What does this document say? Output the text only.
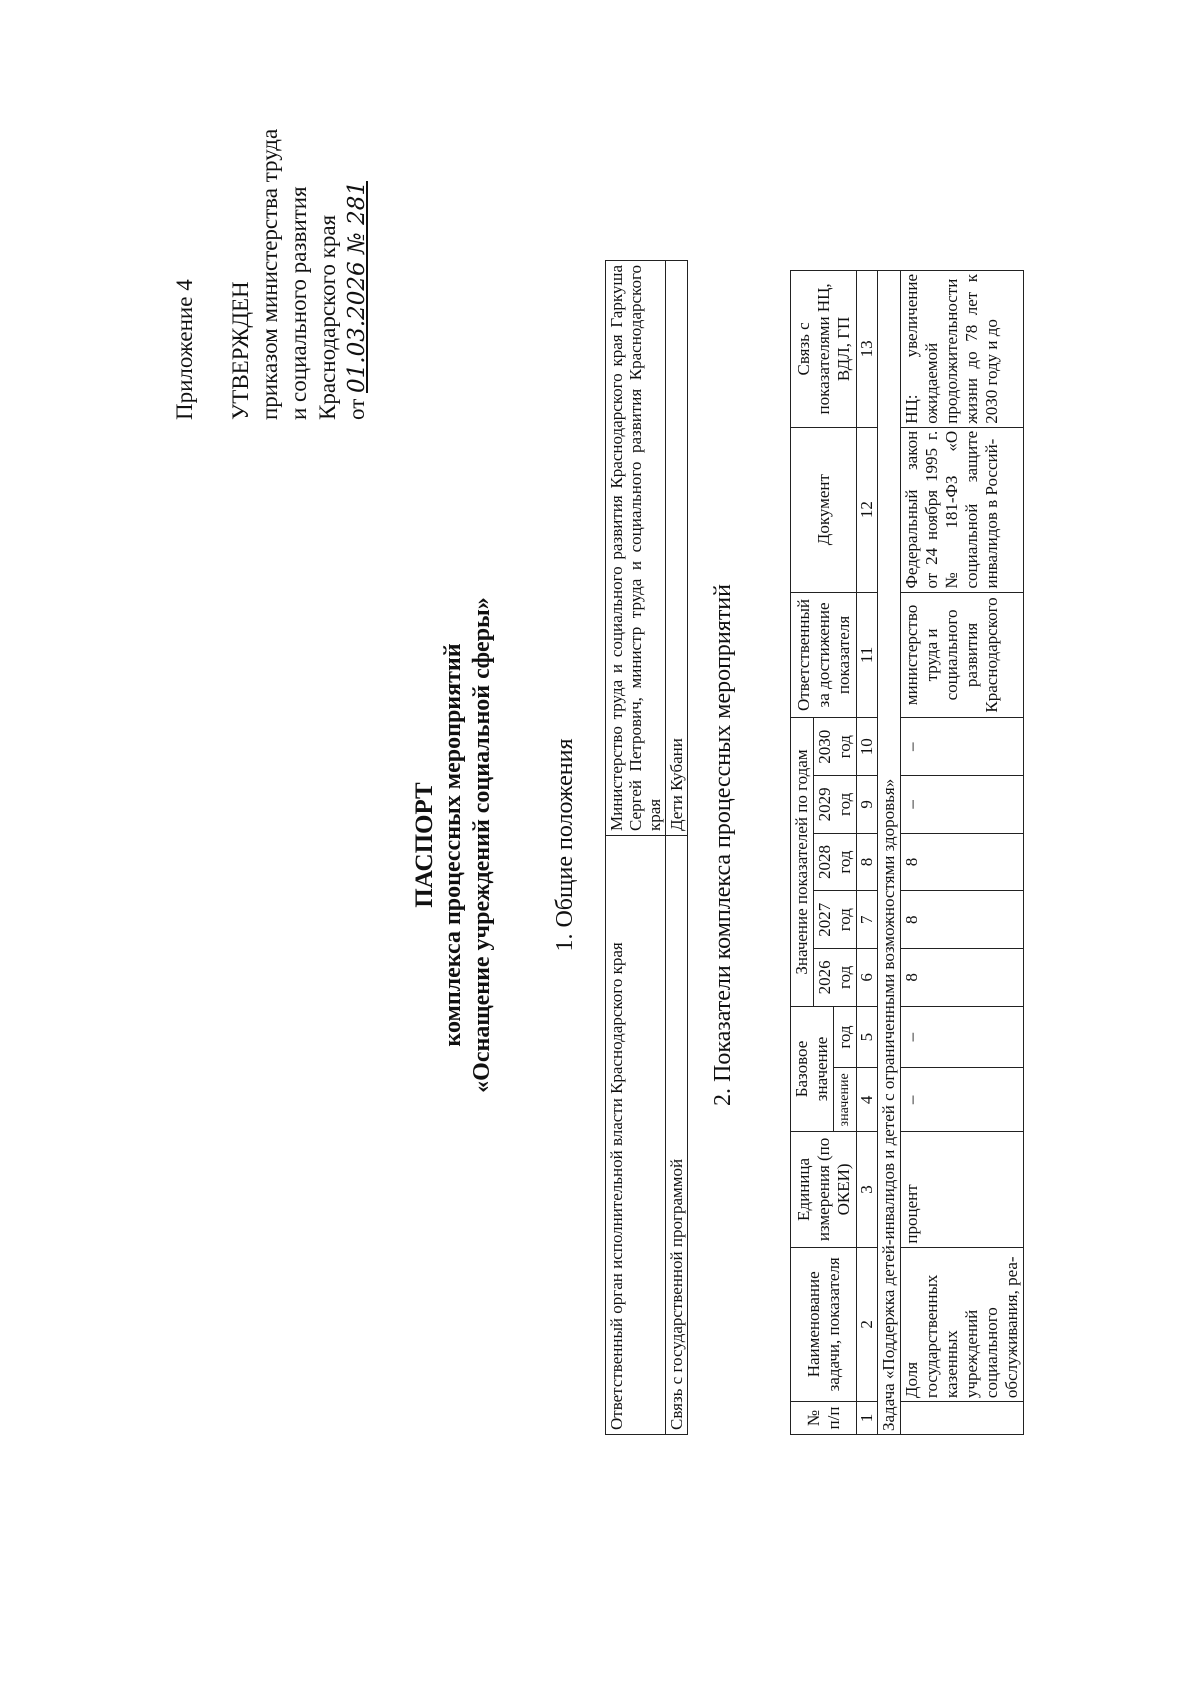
Приложение 4 УТВЕРЖДЕН приказом министерства труда и социального развития Краснодарского края от 01.03.2026 № 281
ПАСПОРТ комплекса процессных мероприятий «Оснащение учреждений социальной сферы» 1. Общие положения
Ответственный орган исполнительной власти Краснодарского края	Министерство труда и социального развития Краснодарского края Гаркуша Сергей Петрович, министр труда и социального развития Краснодарского края
Связь с государственной программой	Дети Кубани 2. Показатели комплекса процессных мероприятий
№ п/п	Наименование задачи, показателя	Единица измерения (по ОКЕИ)	Базовое значение		Значение показателей по годам					Ответственный за достижение показателя	Документ	Связь с показателями НЦ, ВДЛ, ГП
					2026 год	2027 год	2028 год	2029 год	2030 год			
			значение	год								
1	2	3	4	5	6	7	8	9	10	11	12	13
Задача «Поддержка детей-инвалидов и детей с ограниченными возможностями здоровья»												
	Доля государственных казенных учреждений социального обслуживания, реа-	процент	–	–	8	8	8	–	–	министерство труда и социального развития Краснодарского	Федеральный закон от 24 ноября 1995 г. № 181-ФЗ «О социальной защите инвалидов в Россий-	НЦ: увеличение ожидаемой продолжительности жизни до 78 лет к 2030 году и до
